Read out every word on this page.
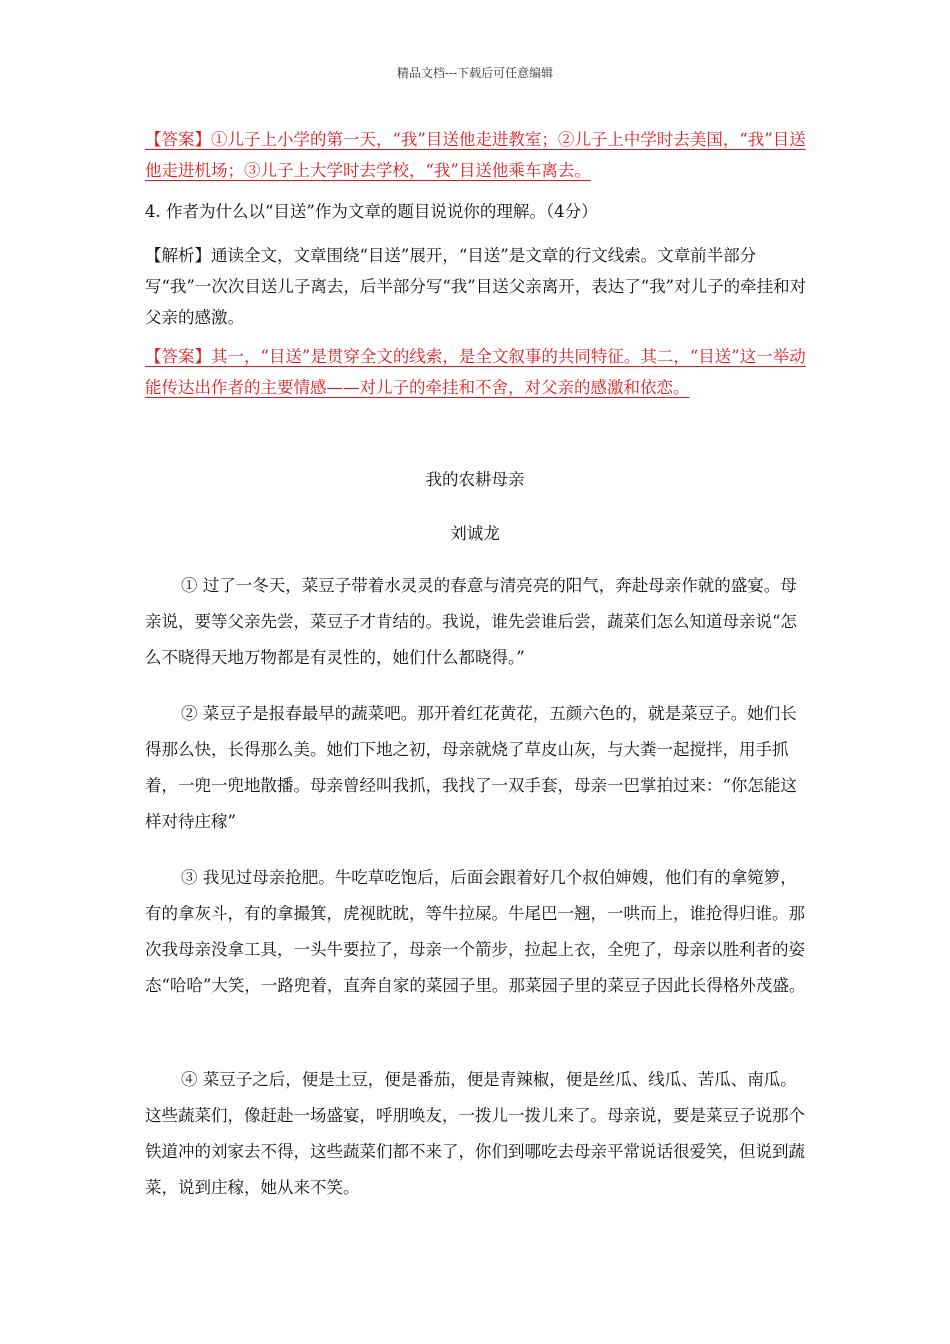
精品文档---下载后可任意编辑
【答案】①儿子上小学的第一天，“我”目送他走进教室；②儿子上中学时去美国，“我”目送他走进机场；③儿子上大学时去学校，“我”目送他乘车离去。
4. 作者为什么以“目送”作为文章的题目说说你的理解。（4分）
【解析】通读全文，文章围绕“目送”展开，“目送”是文章的行文线索。文章前半部分写“我”一次次目送儿子离去，后半部分写“我”目送父亲离开，表达了“我”对儿子的牵挂和对父亲的感激。
【答案】其一，“目送”是贯穿全文的线索，是全文叙事的共同特征。其二，“目送”这一举动能传达出作者的主要情感——对儿子的牵挂和不舍，对父亲的感激和依恋。
我的农耕母亲
刘诚龙
① 过了一冬天，菜豆子带着水灵灵的春意与清亮亮的阳气，奔赴母亲作就的盛宴。母亲说，要等父亲先尝，菜豆子才肯结的。我说，谁先尝谁后尝，蔬菜们怎么知道母亲说“怎么不晓得天地万物都是有灵性的，她们什么都晓得。”
② 菜豆子是报春最早的蔬菜吧。那开着红花黄花，五颜六色的，就是菜豆子。她们长得那么快，长得那么美。她们下地之初，母亲就烧了草皮山灰，与大粪一起搅拌，用手抓着，一兜一兜地散播。母亲曾经叫我抓，我找了一双手套，母亲一巴掌拍过来：“你怎能这样对待庄稼”
③ 我见过母亲抢肥。牛吃草吃饱后，后面会跟着好几个叔伯婶嫂，他们有的拿箢箩，有的拿灰斗，有的拿撮箕，虎视眈眈，等牛拉屎。牛尾巴一翘，一哄而上，谁抢得归谁。那次我母亲没拿工具，一头牛要拉了，母亲一个箭步，拉起上衣，全兜了，母亲以胜利者的姿态“哈哈”大笑，一路兜着，直奔自家的菜园子里。那菜园子里的菜豆子因此长得格外茂盛。
④ 菜豆子之后，便是土豆，便是番茄，便是青辣椒，便是丝瓜、线瓜、苦瓜、南瓜。这些蔬菜们，像赶赴一场盛宴，呼朋唤友，一拨儿一拨儿来了。母亲说，要是菜豆子说那个铁道冲的刘家去不得，这些蔬菜们都不来了，你们到哪吃去母亲平常说话很爱笑，但说到蔬菜，说到庄稼，她从来不笑。
